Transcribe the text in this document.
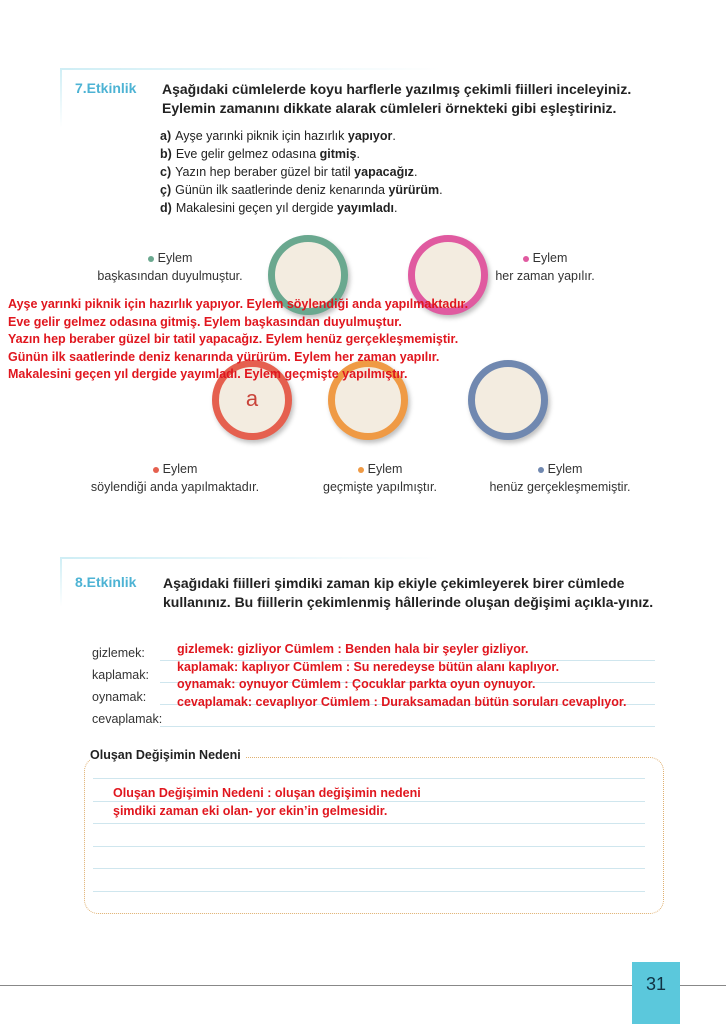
7.Etkinlik Aşağıdaki cümlelerde koyu harflerle yazılmış çekimli fiilleri inceleyiniz. Eylemin zamanını dikkate alarak cümleleri örnekteki gibi eşleştiriniz.
a) Ayşe yarınki piknik için hazırlık yapıyor.
b) Eve gelir gelmez odasına gitmiş.
c) Yazın hep beraber güzel bir tatil yapacağız.
ç) Günün ilk saatlerinde deniz kenarında yürürüm.
d) Makalesini geçen yıl dergide yayımladı.
a
Eylem
başkasından duyulmuştur.
Eylem
her zaman yapılır.
Eylem
söylendiği anda yapılmaktadır.
Eylem
geçmişte yapılmıştır.
Eylem
henüz gerçekleşmemiştir.
Ayşe yarınki piknik için hazırlık yapıyor. Eylem söylendiği anda yapılmaktadır.
Eve gelir gelmez odasına gitmiş. Eylem başkasından duyulmuştur.
Yazın hep beraber güzel bir tatil yapacağız. Eylem henüz gerçekleşmemiştir.
Günün ilk saatlerinde deniz kenarında yürürüm. Eylem her zaman yapılır.
Makalesini geçen yıl dergide yayımladı. Eylem geçmişte yapılmıştır.
8.Etkinlik Aşağıdaki fiilleri şimdiki zaman kip ekiyle çekimleyerek birer cümlede kullanınız. Bu fiillerin çekimlenmiş hâllerinde oluşan değişimi açıkla-yınız.
gizlemek:
kaplamak:
oynamak:
cevaplamak:
gizlemek: gizliyor Cümlem : Benden hala bir şeyler gizliyor.
kaplamak: kaplıyor Cümlem : Su neredeyse bütün alanı kaplıyor.
oynamak: oynuyor Cümlem : Çocuklar parkta oyun oynuyor.
cevaplamak: cevaplıyor Cümlem : Duraksamadan bütün soruları cevaplıyor.
Oluşan Değişimin Nedeni
Oluşan Değişimin Nedeni : oluşan değişimin nedeni
şimdiki zaman eki olan- yor ekin’in gelmesidir.
31
